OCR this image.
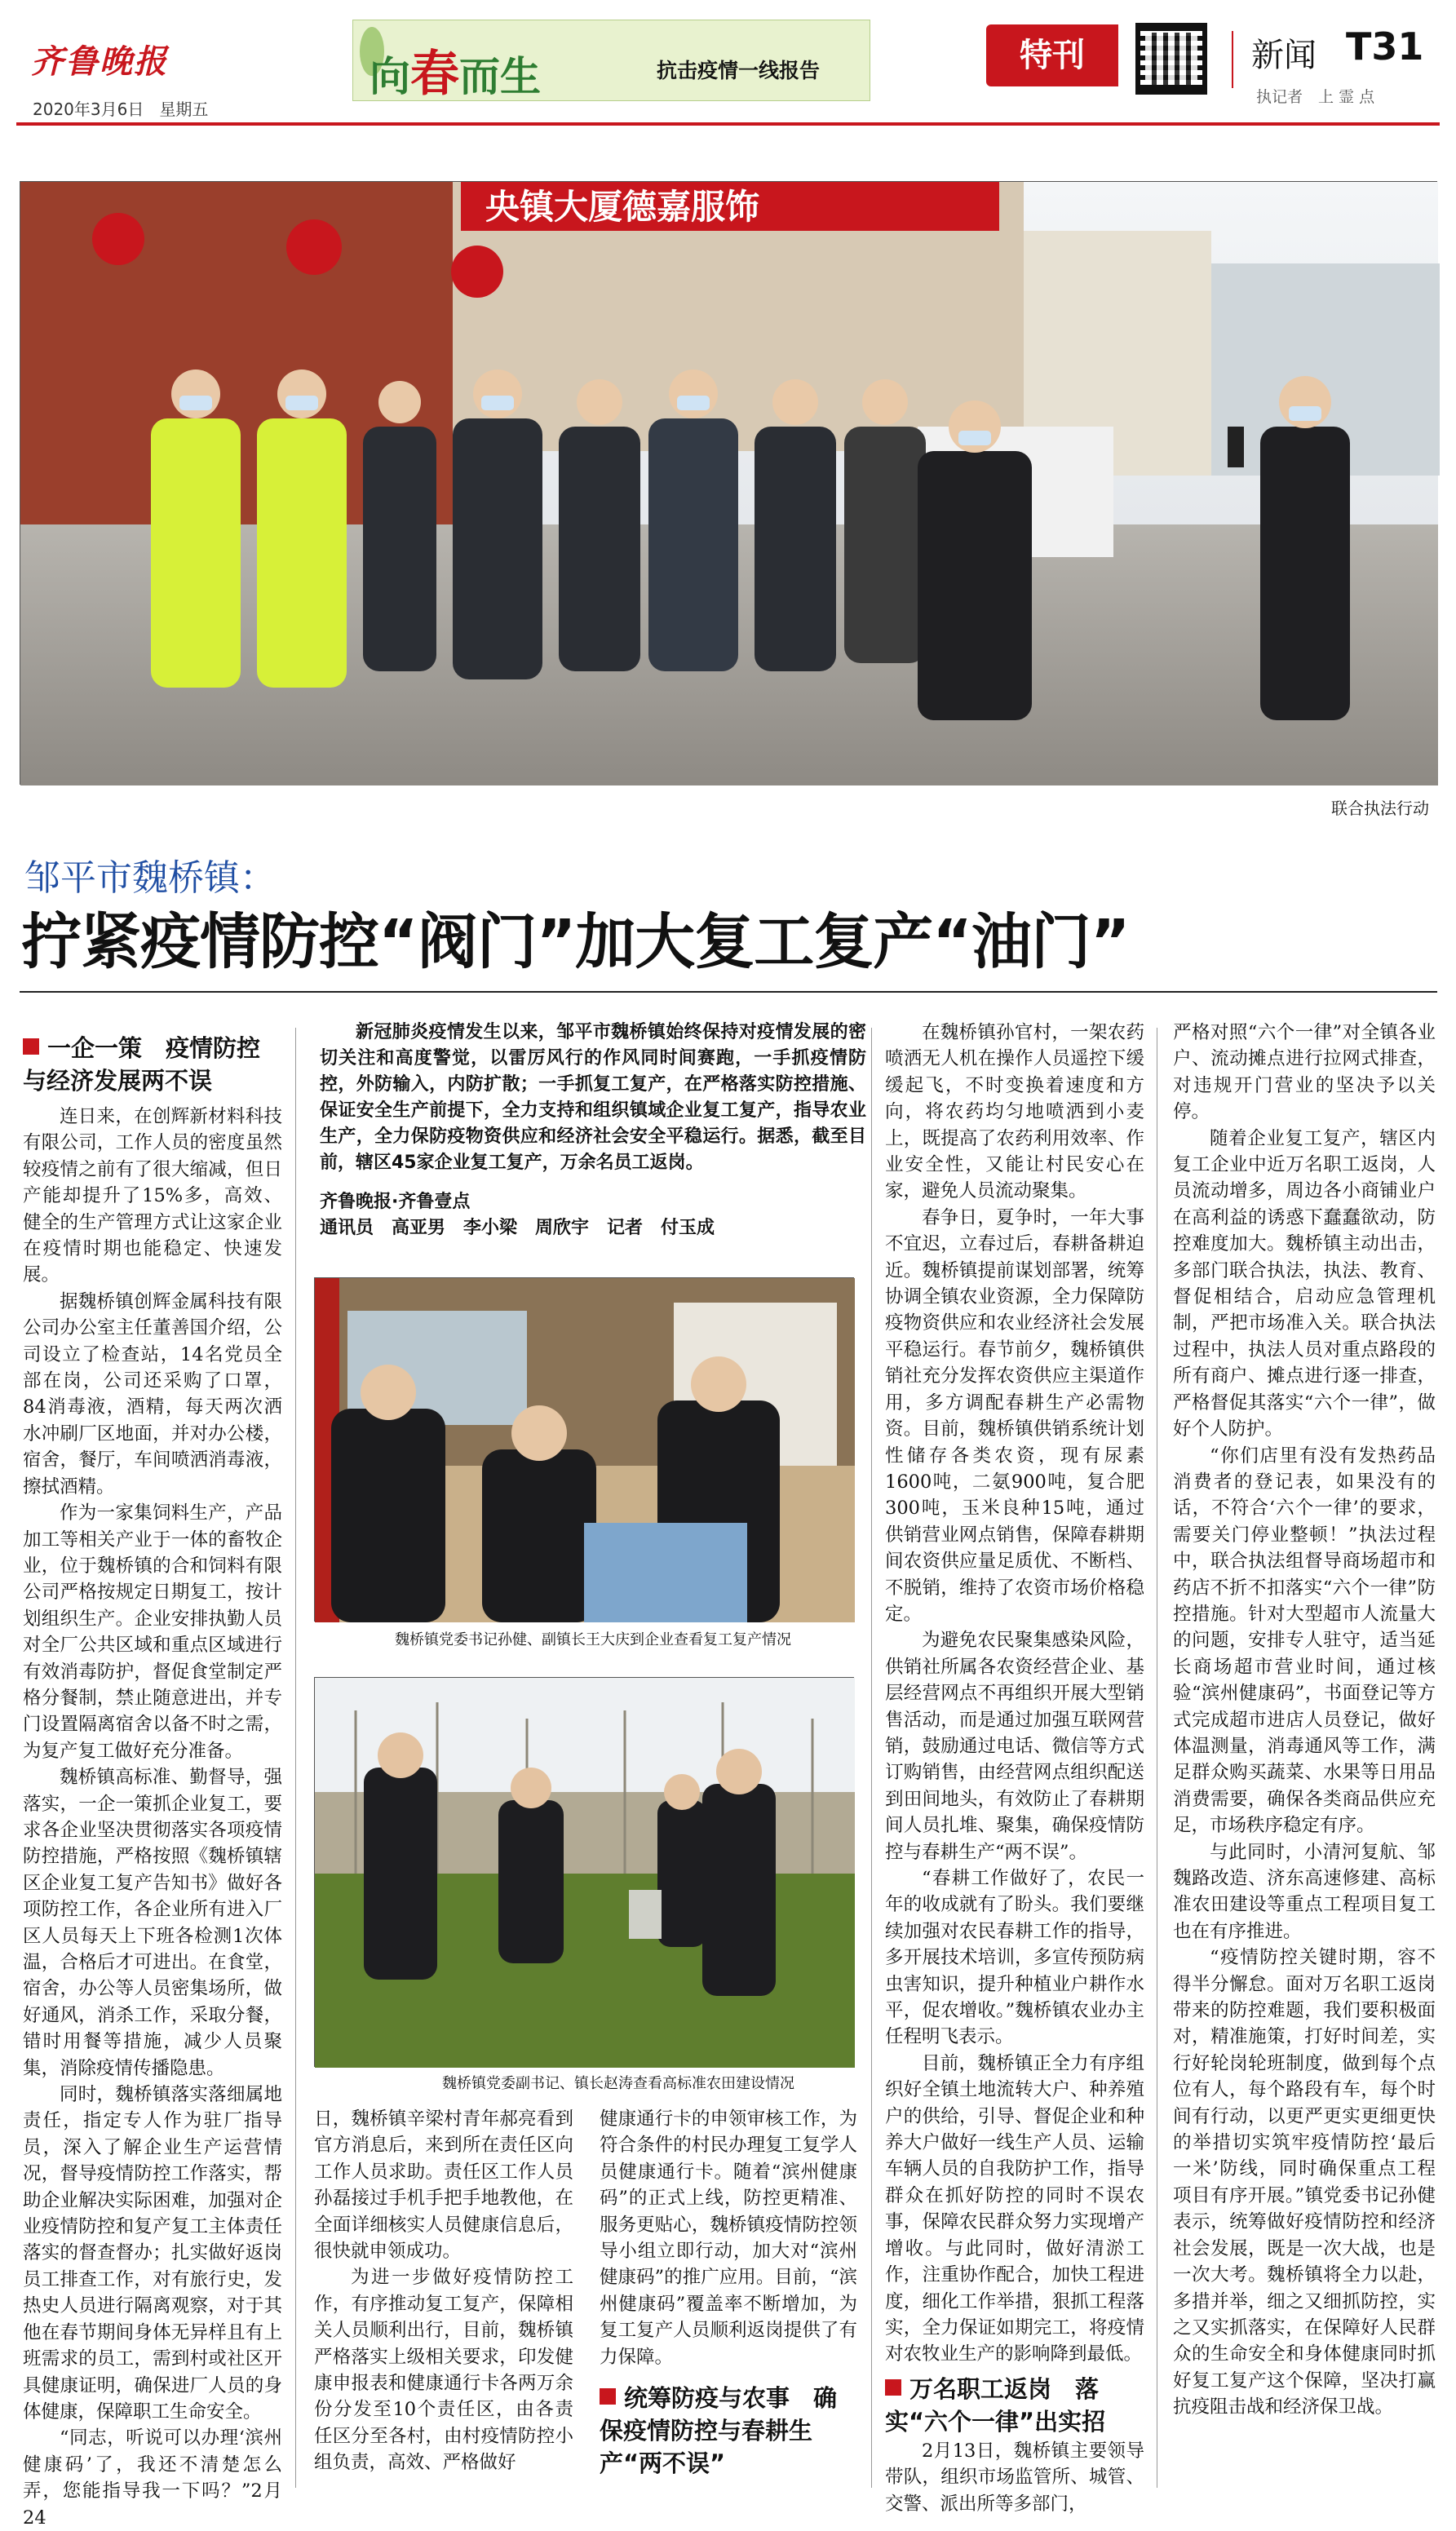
齐鲁晚报
2020年3月6日 星期五
向春而生	抗击疫情一线报告	特刊	新闻 T31
执记者　上 霊 点
央镇大厦德嘉服饰
联合执法行动
邹平市魏桥镇：
拧紧疫情防控“阀门”加大复工复产“油门”
一企一策　疫情防控与经济发展两不误

连日来，在创辉新材料科技有限公司，工作人员的密度虽然较疫情之前有了很大缩减，但日产能却提升了15%多，高效、健全的生产管理方式让这家企业在疫情时期也能稳定、快速发展。

据魏桥镇创辉金属科技有限公司办公室主任董善国介绍，公司设立了检查站，14名党员全部在岗，公司还采购了口罩，84消毒液，酒精，每天两次洒水冲刷厂区地面，并对办公楼，宿舍，餐厅，车间喷洒消毒液，擦拭酒精。

作为一家集饲料生产，产品加工等相关产业于一体的畜牧企业，位于魏桥镇的合和饲料有限公司严格按规定日期复工，按计划组织生产。企业安排执勤人员对全厂公共区域和重点区域进行有效消毒防护，督促食堂制定严格分餐制，禁止随意进出，并专门设置隔离宿舍以备不时之需，为复产复工做好充分准备。

魏桥镇高标准、勤督导，强落实，一企一策抓企业复工，要求各企业坚决贯彻落实各项疫情防控措施，严格按照《魏桥镇辖区企业复工复产告知书》做好各项防控工作，各企业所有进入厂区人员每天上下班各检测1次体温，合格后才可进出。在食堂，宿舍，办公等人员密集场所，做好通风，消杀工作，采取分餐，错时用餐等措施，减少人员聚集，消除疫情传播隐患。

同时，魏桥镇落实落细属地责任，指定专人作为驻厂指导员，深入了解企业生产运营情况，督导疫情防控工作落实，帮助企业解决实际困难，加强对企业疫情防控和复产复工主体责任落实的督查督办；扎实做好返岗员工排查工作，对有旅行史，发热史人员进行隔离观察，对于其他在春节期间身体无异样且有上班需求的员工，需到村或社区开具健康证明，确保进厂人员的身体健康，保障职工生命安全。

“同志，听说可以办理‘滨州健康码’了，我还不清楚怎么弄，您能指导我一下吗？”2月24

新冠肺炎疫情发生以来，邹平市魏桥镇始终保持对疫情发展的密切关注和高度警觉，以雷厉风行的作风同时间赛跑，一手抓疫情防控，外防输入，内防扩散；一手抓复工复产，在严格落实防控措施、保证安全生产前提下，全力支持和组织镇域企业复工复产，指导农业生产，全力保防疫物资供应和经济社会安全平稳运行。据悉，截至目前，辖区45家企业复工复产，万余名员工返岗。

齐鲁晚报·齐鲁壹点
通讯员　高亚男　李小梁　周欣宇　记者　付玉成
魏桥镇党委书记孙健、副镇长王大庆到企业查看复工复产情况
魏桥镇党委副书记、镇长赵涛查看高标准农田建设情况

日，魏桥镇辛梁村青年郝亮看到官方消息后，来到所在责任区向工作人员求助。责任区工作人员孙磊接过手机手把手地教他，在全面详细核实人员健康信息后，很快就申领成功。

为进一步做好疫情防控工作，有序推动复工复产，保障相关人员顺利出行，目前，魏桥镇严格落实上级相关要求，印发健康申报表和健康通行卡各两万余份分发至10个责任区，由各责任区分至各村，由村疫情防控小组负责，高效、严格做好

健康通行卡的申领审核工作，为符合条件的村民办理复工复学人员健康通行卡。随着“滨州健康码”的正式上线，防控更精准、服务更贴心，魏桥镇疫情防控领导小组立即行动，加大对“滨州健康码”的推广应用。目前，“滨州健康码”覆盖率不断增加，为复工复产人员顺利返岗提供了有力保障。

统筹防疫与农事　确保疫情防控与春耕生产“两不误”

在魏桥镇孙官村，一架农药喷洒无人机在操作人员遥控下缓缓起飞，不时变换着速度和方向，将农药均匀地喷洒到小麦上，既提高了农药利用效率、作业安全性，又能让村民安心在家，避免人员流动聚集。

春争日，夏争时，一年大事不宜迟，立春过后，春耕备耕迫近。魏桥镇提前谋划部署，统筹协调全镇农业资源，全力保障防疫物资供应和农业经济社会发展平稳运行。春节前夕，魏桥镇供销社充分发挥农资供应主渠道作用，多方调配春耕生产必需物资。目前，魏桥镇供销系统计划性储存各类农资，现有尿素1600吨，二氨900吨，复合肥300吨，玉米良种15吨，通过供销营业网点销售，保障春耕期间农资供应量足质优、不断档、不脱销，维持了农资市场价格稳定。

为避免农民聚集感染风险，供销社所属各农资经营企业、基层经营网点不再组织开展大型销售活动，而是通过加强互联网营销，鼓励通过电话、微信等方式订购销售，由经营网点组织配送到田间地头，有效防止了春耕期间人员扎堆、聚集，确保疫情防控与春耕生产“两不误”。

“春耕工作做好了，农民一年的收成就有了盼头。我们要继续加强对农民春耕工作的指导，多开展技术培训，多宣传预防病虫害知识，提升种植业户耕作水平，促农增收。”魏桥镇农业办主任程明飞表示。

目前，魏桥镇正全力有序组织好全镇土地流转大户、种养殖户的供给，引导、督促企业和种养大户做好一线生产人员、运输车辆人员的自我防护工作，指导群众在抓好防控的同时不误农事，保障农民群众努力实现增产增收。与此同时，做好清淤工作，注重协作配合，加快工程进度，细化工作举措，狠抓工程落实，全力保证如期完工，将疫情对农牧业生产的影响降到最低。

万名职工返岗　落实“六个一律”出实招

2月13日，魏桥镇主要领导带队，组织市场监管所、城管、交警、派出所等多部门，

严格对照“六个一律”对全镇各业户、流动摊点进行拉网式排查，对违规开门营业的坚决予以关停。

随着企业复工复产，辖区内复工企业中近万名职工返岗，人员流动增多，周边各小商铺业户在高利益的诱惑下蠢蠢欲动，防控难度加大。魏桥镇主动出击，多部门联合执法，执法、教育、督促相结合，启动应急管理机制，严把市场准入关。联合执法过程中，执法人员对重点路段的所有商户、摊点进行逐一排查，严格督促其落实“六个一律”，做好个人防护。

“你们店里有没有发热药品消费者的登记表，如果没有的话，不符合‘六个一律’的要求，需要关门停业整顿！”执法过程中，联合执法组督导商场超市和药店不折不扣落实“六个一律”防控措施。针对大型超市人流量大的问题，安排专人驻守，适当延长商场超市营业时间，通过核验“滨州健康码”，书面登记等方式完成超市进店人员登记，做好体温测量，消毒通风等工作，满足群众购买蔬菜、水果等日用品消费需要，确保各类商品供应充足，市场秩序稳定有序。

与此同时，小清河复航、邹魏路改造、济东高速修建、高标准农田建设等重点工程项目复工也在有序推进。

“疫情防控关键时期，容不得半分懈怠。面对万名职工返岗带来的防控难题，我们要积极面对，精准施策，打好时间差，实行好轮岗轮班制度，做到每个点位有人，每个路段有车，每个时间有行动，以更严更实更细更快的举措切实筑牢疫情防控‘最后一米’防线，同时确保重点工程项目有序开展。”镇党委书记孙健表示，统筹做好疫情防控和经济社会发展，既是一次大战，也是一次大考。魏桥镇将全力以赴，多措并举，细之又细抓防控，实之又实抓落实，在保障好人民群众的生命安全和身体健康同时抓好复工复产这个保障，坚决打赢抗疫阻击战和经济保卫战。
